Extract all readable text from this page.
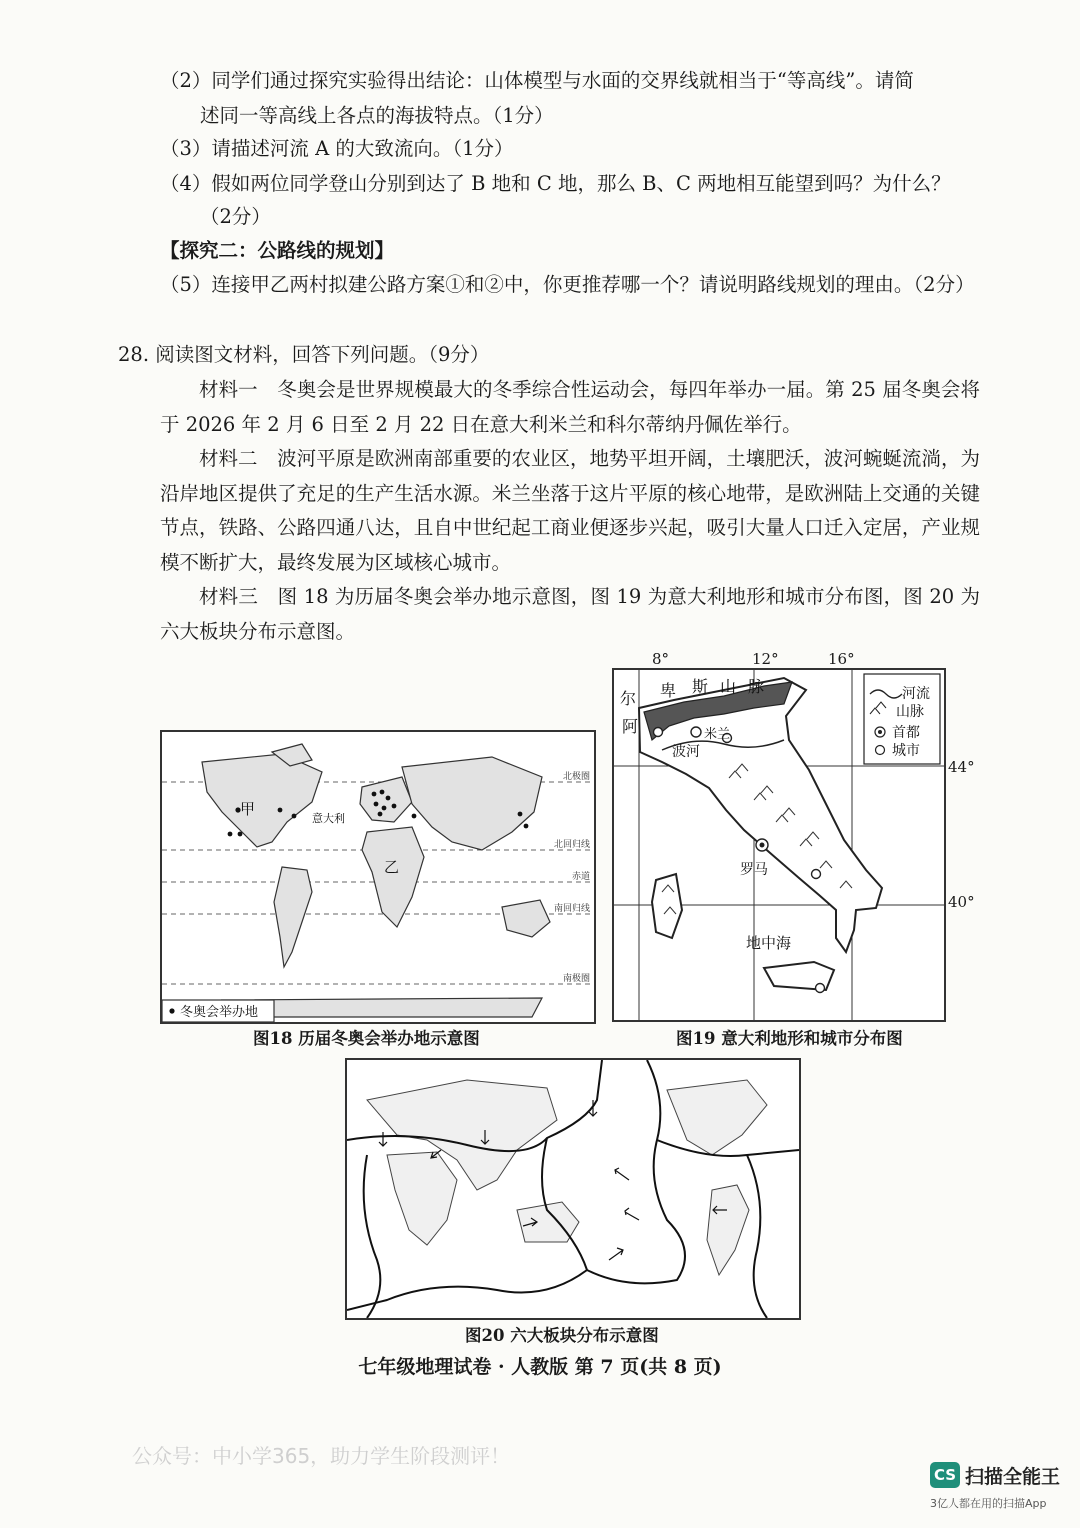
（2）同学们通过探究实验得出结论：山体模型与水面的交界线就相当于“等高线”。请简
述同一等高线上各点的海拔特点。（1分）
（3）请描述河流 A 的大致流向。（1分）
（4）假如两位同学登山分别到达了 B 地和 C 地，那么 B、C 两地相互能望到吗？为什么？
（2分）
【探究二：公路线的规划】
（5）连接甲乙两村拟建公路方案①和②中，你更推荐哪一个？请说明路线规划的理由。（2分）
28. 阅读图文材料，回答下列问题。（9分）

材料一　冬奥会是世界规模最大的冬季综合性运动会，每四年举办一届。第 25 届冬奥会将于 2026 年 2 月 6 日至 2 月 22 日在意大利米兰和科尔蒂纳丹佩佐举行。

材料二　波河平原是欧洲南部重要的农业区，地势平坦开阔，土壤肥沃，波河蜿蜒流淌，为沿岸地区提供了充足的生产生活水源。米兰坐落于这片平原的核心地带，是欧洲陆上交通的关键节点，铁路、公路四通八达，且自中世纪起工商业便逐步兴起，吸引大量人口迁入定居，产业规模不断扩大，最终发展为区域核心城市。

材料三　图 18 为历届冬奥会举办地示意图，图 19 为意大利地形和城市分布图，图 20 为六大板块分布示意图。

甲
乙
意大利
北极圈
北回归线
赤道
南回归线
南极圈
冬奥会举办地
图18 历届冬奥会举办地示意图
尔 卑 斯 山 脉
阿	米兰
波河
罗马
地中海
河流
山脉
首都
城市
8°	12°	16°
44°
40°
图19 意大利地形和城市分布图
图20 六大板块分布示意图
七年级地理试卷 · 人教版 第 7 页(共 8 页)
公众号：中小学365，助力学生阶段测评！
CS 扫描全能王
3亿人都在用的扫描App
